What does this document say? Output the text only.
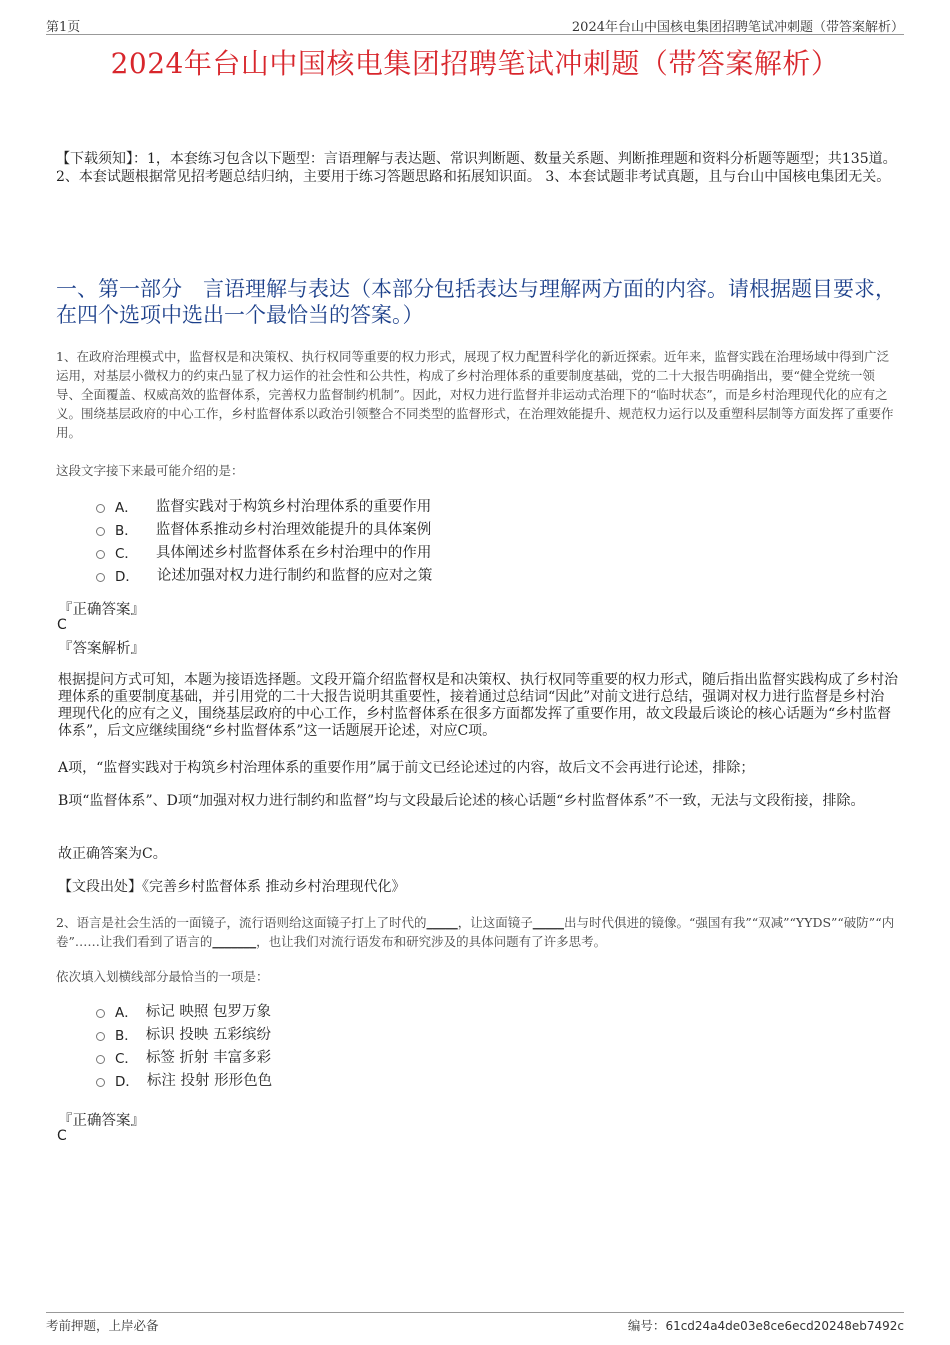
第1页	2024年台山中国核电集团招聘笔试冲刺题（带答案解析）
2024年台山中国核电集团招聘笔试冲刺题（带答案解析）
【下载须知】：1，本套练习包含以下题型：言语理解与表达题、常识判断题、数量关系题、判断推理题和资料分析题等题型；共135道。 2、本套试题根据常见招考题总结归纳，主要用于练习答题思路和拓展知识面。 3、本套试题非考试真题，且与台山中国核电集团无关。
一、第一部分　言语理解与表达（本部分包括表达与理解两方面的内容。请根据题目要求，在四个选项中选出一个最恰当的答案。）
1、在政府治理模式中，监督权是和决策权、执行权同等重要的权力形式，展现了权力配置科学化的新近探索。近年来，监督实践在治理场域中得到广泛运用，对基层小微权力的约束凸显了权力运作的社会性和公共性，构成了乡村治理体系的重要制度基础，党的二十大报告明确指出，要“健全党统一领导、全面覆盖、权威高效的监督体系，完善权力监督制约机制”。因此，对权力进行监督并非运动式治理下的“临时状态”，而是乡村治理现代化的应有之义。围绕基层政府的中心工作，乡村监督体系以政治引领整合不同类型的监督形式，在治理效能提升、规范权力运行以及重塑科层制等方面发挥了重要作用。
这段文字接下来最可能介绍的是：
A． 监督实践对于构筑乡村治理体系的重要作用
B． 监督体系推动乡村治理效能提升的具体案例
C． 具体阐述乡村监督体系在乡村治理中的作用
D． 论述加强对权力进行制约和监督的应对之策
『正确答案』
C
『答案解析』
根据提问方式可知，本题为接语选择题。文段开篇介绍监督权是和决策权、执行权同等重要的权力形式，随后指出监督实践构成了乡村治理体系的重要制度基础，并引用党的二十大报告说明其重要性，接着通过总结词“因此”对前文进行总结，强调对权力进行监督是乡村治理现代化的应有之义，围绕基层政府的中心工作，乡村监督体系在很多方面都发挥了重要作用，故文段最后谈论的核心话题为“乡村监督体系”，后文应继续围绕“乡村监督体系”这一话题展开论述，对应C项。
A项，“监督实践对于构筑乡村治理体系的重要作用”属于前文已经论述过的内容，故后文不会再进行论述，排除；
B项“监督体系”、D项“加强对权力进行制约和监督”均与文段最后论述的核心话题“乡村监督体系”不一致，无法与文段衔接，排除。
故正确答案为C。
【文段出处】《完善乡村监督体系 推动乡村治理现代化》
2、语言是社会生活的一面镜子，流行语则给这面镜子打上了时代的_____，让这面镜子_____出与时代俱进的镜像。“强国有我”“双减”“YYDS”“破防”“内卷”……让我们看到了语言的_______，也让我们对流行语发布和研究涉及的具体问题有了许多思考。
依次填入划横线部分最恰当的一项是：
A． 标记 映照 包罗万象
B． 标识 投映 五彩缤纷
C． 标签 折射 丰富多彩
D． 标注 投射 形形色色
『正确答案』
C
考前押题，上岸必备	编号：61cd24a4de03e8ce6ecd20248eb7492c
